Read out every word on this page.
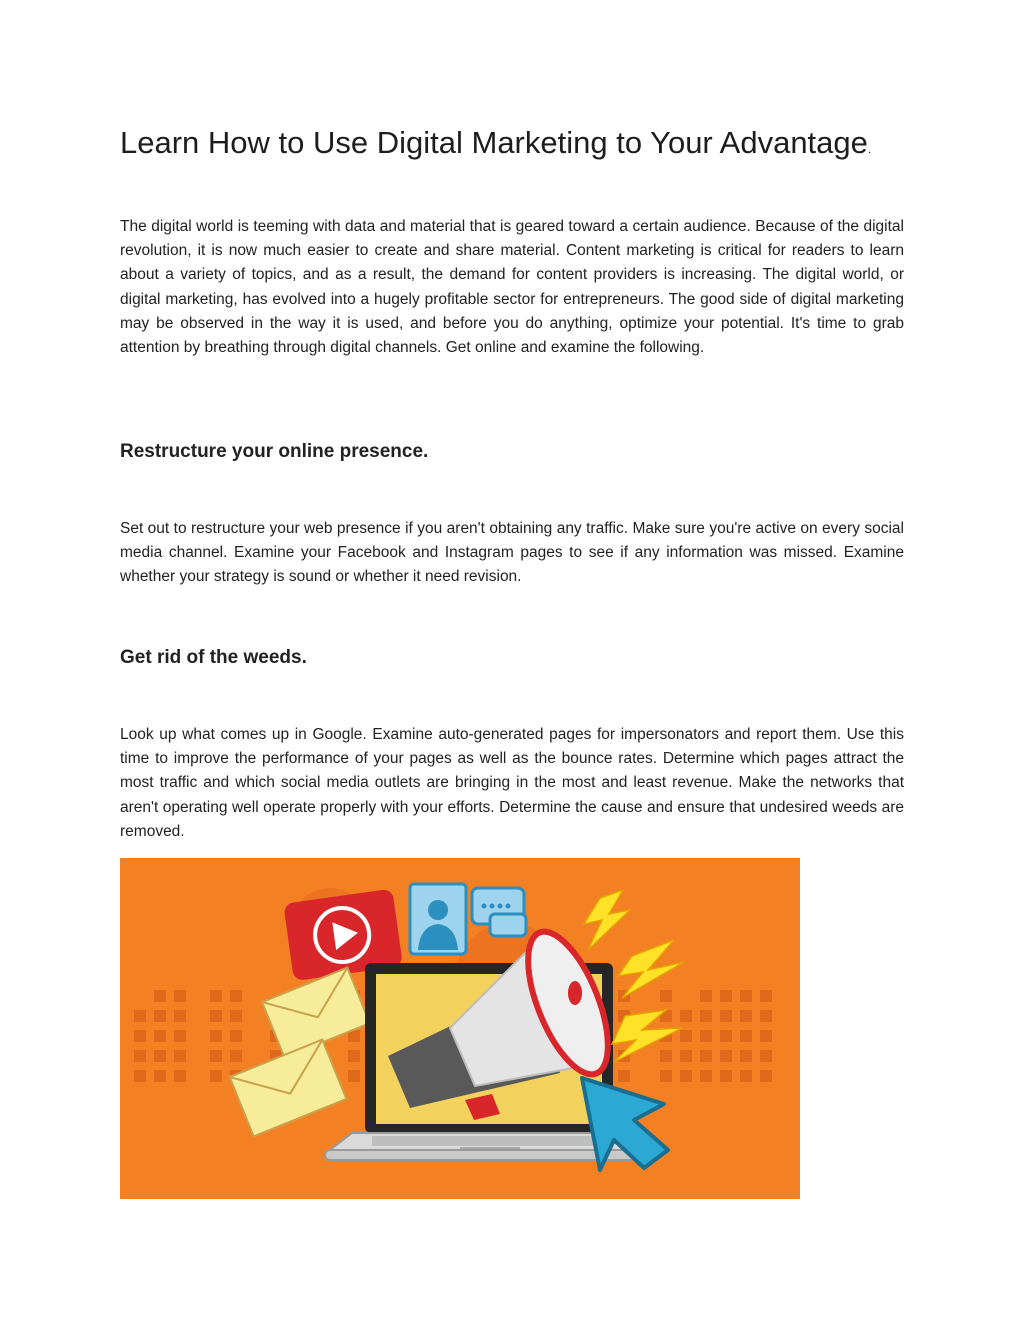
Learn How to Use Digital Marketing to Your Advantage.

The digital world is teeming with data and material that is geared toward a certain audience. Because of the digital revolution, it is now much easier to create and share material. Content marketing is critical for readers to learn about a variety of topics, and as a result, the demand for content providers is increasing. The digital world, or digital marketing, has evolved into a hugely profitable sector for entrepreneurs. The good side of digital marketing may be observed in the way it is used, and before you do anything, optimize your potential. It's time to grab attention by breathing through digital channels. Get online and examine the following.

Restructure your online presence.

Set out to restructure your web presence if you aren't obtaining any traffic. Make sure you're active on every social media channel. Examine your Facebook and Instagram pages to see if any information was missed. Examine whether your strategy is sound or whether it need revision.

Get rid of the weeds.

Look up what comes up in Google. Examine auto-generated pages for impersonators and report them. Use this time to improve the performance of your pages as well as the bounce rates. Determine which pages attract the most traffic and which social media outlets are bringing in the most and least revenue. Make the networks that aren't operating well operate properly with your efforts. Determine the cause and ensure that undesired weeds are removed.
